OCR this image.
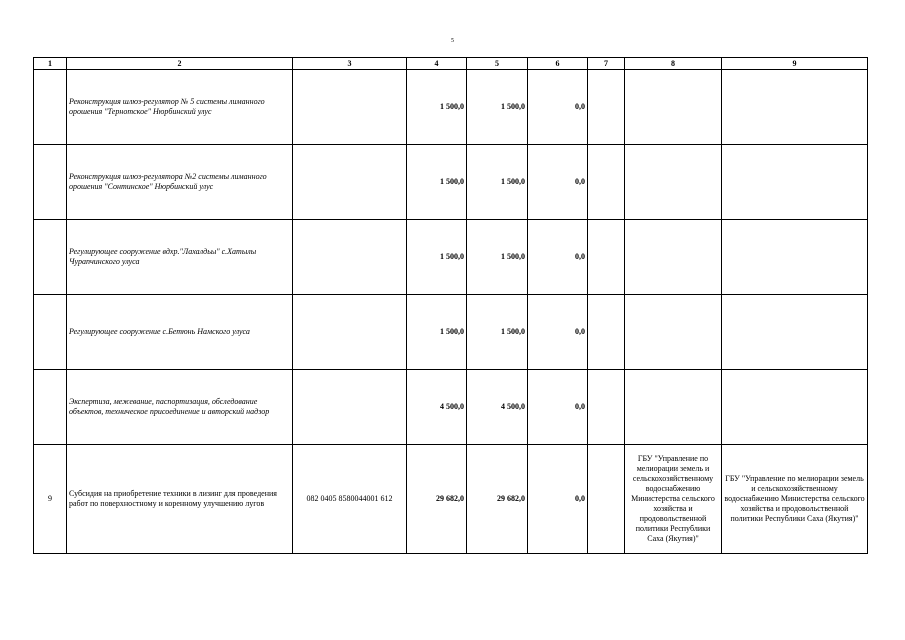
5
1	2	3	4	5	6	7	8	9
	Реконструкция шлюз-регулятор № 5 системы лиманного орошения "Тернотское" Нюрбинский улус		1 500,0	1 500,0	0,0			
	Реконструкция шлюз-регулятора №2 системы лиманного орошения "Сонтинское" Нюрбинский улус		1 500,0	1 500,0	0,0			
	Регулирующее сооружение вдхр."Лахалдьы" с.Хатылы Чурапчинского улуса		1 500,0	1 500,0	0,0			
	Регулирующее сооружение с.Бетюнь Намского улуса		1 500,0	1 500,0	0,0			
	Экспертиза, межевание, паспортизация, обследование объектов, техническое присоединение и авторский надзор		4 500,0	4 500,0	0,0			
9	Субсидия на приобретение техники в лизинг для проведения работ по поверхностному и коренному улучшению лугов	082 0405 8580044001 612	29 682,0	29 682,0	0,0		ГБУ "Управление по мелиорации земель и сельскохозяйственному водоснабжению Министерства сельского хозяйства и продовольственной политики Республики Саха (Якутия)"	ГБУ "Управление по мелиорации земель и сельскохозяйственному водоснабжению Министерства сельского хозяйства и продовольственной политики Республики Саха (Якутия)"
